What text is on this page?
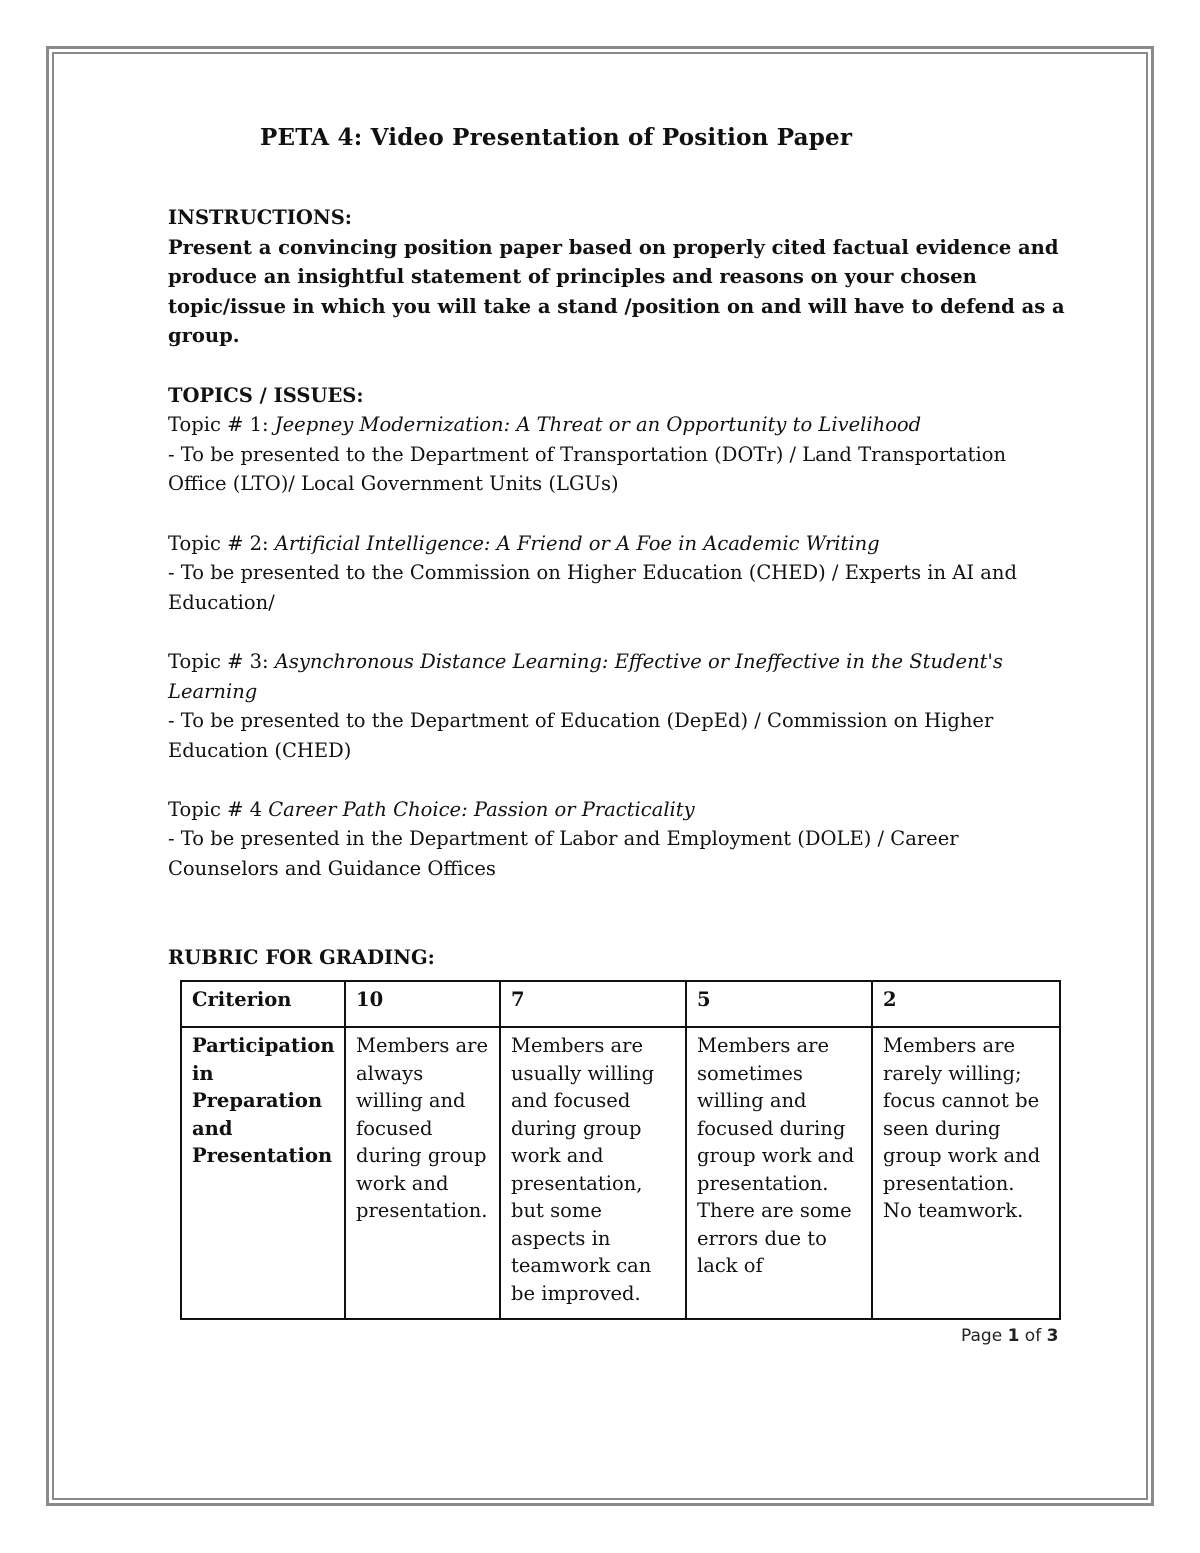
PETA 4: Video Presentation of Position Paper

INSTRUCTIONS:

Present a convincing position paper based on properly cited factual evidence and produce an insightful statement of principles and reasons on your chosen topic/issue in which you will take a stand /position on and will have to defend as a group.

TOPICS / ISSUES:

Topic # 1: Jeepney Modernization: A Threat or an Opportunity to Livelihood

- To be presented to the Department of Transportation (DOTr) / Land Transportation Office (LTO)/ Local Government Units (LGUs)

Topic # 2: Artificial Intelligence: A Friend or A Foe in Academic Writing

- To be presented to the Commission on Higher Education (CHED) / Experts in AI and Education/

Topic # 3: Asynchronous Distance Learning: Effective or Ineffective in the Student's Learning

- To be presented to the Department of Education (DepEd) / Commission on Higher Education (CHED)

Topic # 4 Career Path Choice: Passion or Practicality

- To be presented in the Department of Labor and Employment (DOLE) / Career Counselors and Guidance Offices

RUBRIC FOR GRADING:

Criterion	10	7	5	2
Participation in Preparation and Presentation	Members are always willing and focused during group work and presentation.	Members are usually willing and focused during group work and presentation, but some aspects in teamwork can be improved.	Members are sometimes willing and focused during group work and presentation. There are some errors due to lack of	Members are rarely willing; focus cannot be seen during group work and presentation. No teamwork.
Page 1 of 3
